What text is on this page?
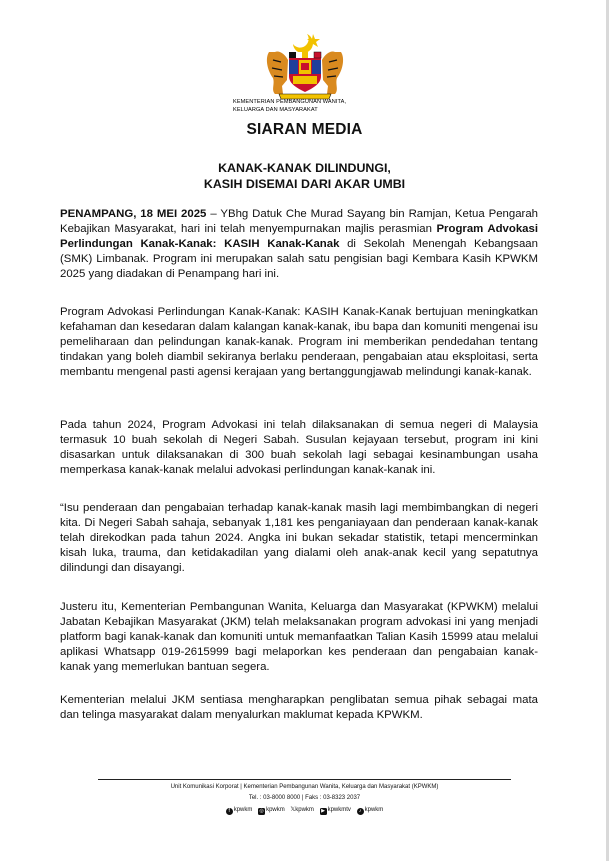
KEMENTERIAN PEMBANGUNAN WANITA,
KELUARGA DAN MASYARAKAT
SIARAN MEDIA
KANAK-KANAK DILINDUNGI,
KASIH DISEMAI DARI AKAR UMBI
PENAMPANG, 18 MEI 2025 – YBhg Datuk Che Murad Sayang bin Ramjan, Ketua Pengarah Kebajikan Masyarakat, hari ini telah menyempurnakan majlis perasmian Program Advokasi Perlindungan Kanak-Kanak: KASIH Kanak-Kanak di Sekolah Menengah Kebangsaan (SMK) Limbanak. Program ini merupakan salah satu pengisian bagi Kembara Kasih KPWKM 2025 yang diadakan di Penampang hari ini.
Program Advokasi Perlindungan Kanak-Kanak: KASIH Kanak-Kanak bertujuan meningkatkan kefahaman dan kesedaran dalam kalangan kanak-kanak, ibu bapa dan komuniti mengenai isu pemeliharaan dan pelindungan kanak-kanak. Program ini memberikan pendedahan tentang tindakan yang boleh diambil sekiranya berlaku penderaan, pengabaian atau eksploitasi, serta membantu mengenal pasti agensi kerajaan yang bertanggungjawab melindungi kanak-kanak.
Pada tahun 2024, Program Advokasi ini telah dilaksanakan di semua negeri di Malaysia termasuk 10 buah sekolah di Negeri Sabah. Susulan kejayaan tersebut, program ini kini disasarkan untuk dilaksanakan di 300 buah sekolah lagi sebagai kesinambungan usaha memperkasa kanak-kanak melalui advokasi perlindungan kanak-kanak ini.
“Isu penderaan dan pengabaian terhadap kanak-kanak masih lagi membimbangkan di negeri kita. Di Negeri Sabah sahaja, sebanyak 1,181 kes penganiayaan dan penderaan kanak-kanak telah direkodkan pada tahun 2024. Angka ini bukan sekadar statistik, tetapi mencerminkan kisah luka, trauma, dan ketidakadilan yang dialami oleh anak-anak kecil yang sepatutnya dilindungi dan disayangi.
Justeru itu, Kementerian Pembangunan Wanita, Keluarga dan Masyarakat (KPWKM) melalui Jabatan Kebajikan Masyarakat (JKM) telah melaksanakan program advokasi ini yang menjadi platform bagi kanak-kanak dan komuniti untuk memanfaatkan Talian Kasih 15999 atau melalui aplikasi Whatsapp 019-2615999 bagi melaporkan kes penderaan dan pengabaian kanak-kanak yang memerlukan bantuan segera.
Kementerian melalui JKM sentiasa mengharapkan penglibatan semua pihak sebagai mata dan telinga masyarakat dalam menyalurkan maklumat kepada KPWKM.
Unit Komunikasi Korporat | Kementerian Pembangunan Wanita, Keluarga dan Masyarakat (KPWKM)
Tel. : 03-8000 8000 | Faks : 03-8323 2037
f kpwkm ◎ kpwkm 𝕏kpwkm ▶ kpwkmtv ♪ kpwkm
